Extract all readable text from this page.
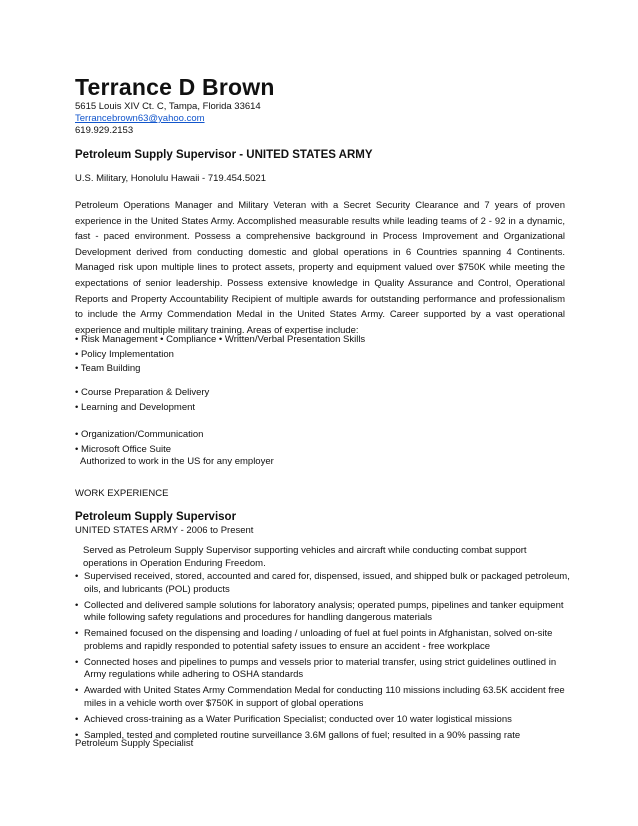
Terrance D Brown
5615 Louis XIV Ct. C, Tampa, Florida 33614
Terrancebrown63@yahoo.com
619.929.2153
Petroleum Supply Supervisor - UNITED STATES ARMY
U.S. Military, Honolulu Hawaii - 719.454.5021
Petroleum Operations Manager and Military Veteran with a Secret Security Clearance and 7 years of proven experience in the United States Army. Accomplished measurable results while leading teams of 2 - 92 in a dynamic, fast - paced environment. Possess a comprehensive background in Process Improvement and Organizational Development derived from conducting domestic and global operations in 6 Countries spanning 4 Continents. Managed risk upon multiple lines to protect assets, property and equipment valued over $750K while meeting the expectations of senior leadership. Possess extensive knowledge in Quality Assurance and Control, Operational Reports and Property Accountability Recipient of multiple awards for outstanding performance and professionalism to include the Army Commendation Medal in the United States Army. Career supported by a vast operational experience and multiple military training. Areas of expertise include:
• Risk Management • Compliance • Written/Verbal Presentation Skills
• Policy Implementation
• Team Building
• Course Preparation & Delivery
• Learning and Development
• Organization/Communication
• Microsoft Office Suite
Authorized to work in the US for any employer
WORK EXPERIENCE
Petroleum Supply Supervisor
UNITED STATES ARMY - 2006 to Present
Served as Petroleum Supply Supervisor supporting vehicles and aircraft while conducting combat support operations in Operation Enduring Freedom.
• Supervised received, stored, accounted and cared for, dispensed, issued, and shipped bulk or packaged petroleum, oils, and lubricants (POL) products
• Collected and delivered sample solutions for laboratory analysis; operated pumps, pipelines and tanker equipment while following safety regulations and procedures for handling dangerous materials
• Remained focused on the dispensing and loading / unloading of fuel at fuel points in Afghanistan, solved on-site problems and rapidly responded to potential safety issues to ensure an accident - free workplace
• Connected hoses and pipelines to pumps and vessels prior to material transfer, using strict guidelines outlined in Army regulations while adhering to OSHA standards
• Awarded with United States Army Commendation Medal for conducting 110 missions including 63.5K accident free miles in a vehicle worth over $750K in support of global operations
• Achieved cross-training as a Water Purification Specialist; conducted over 10 water logistical missions
• Sampled, tested and completed routine surveillance 3.6M gallons of fuel; resulted in a 90% passing rate
Petroleum Supply Specialist
